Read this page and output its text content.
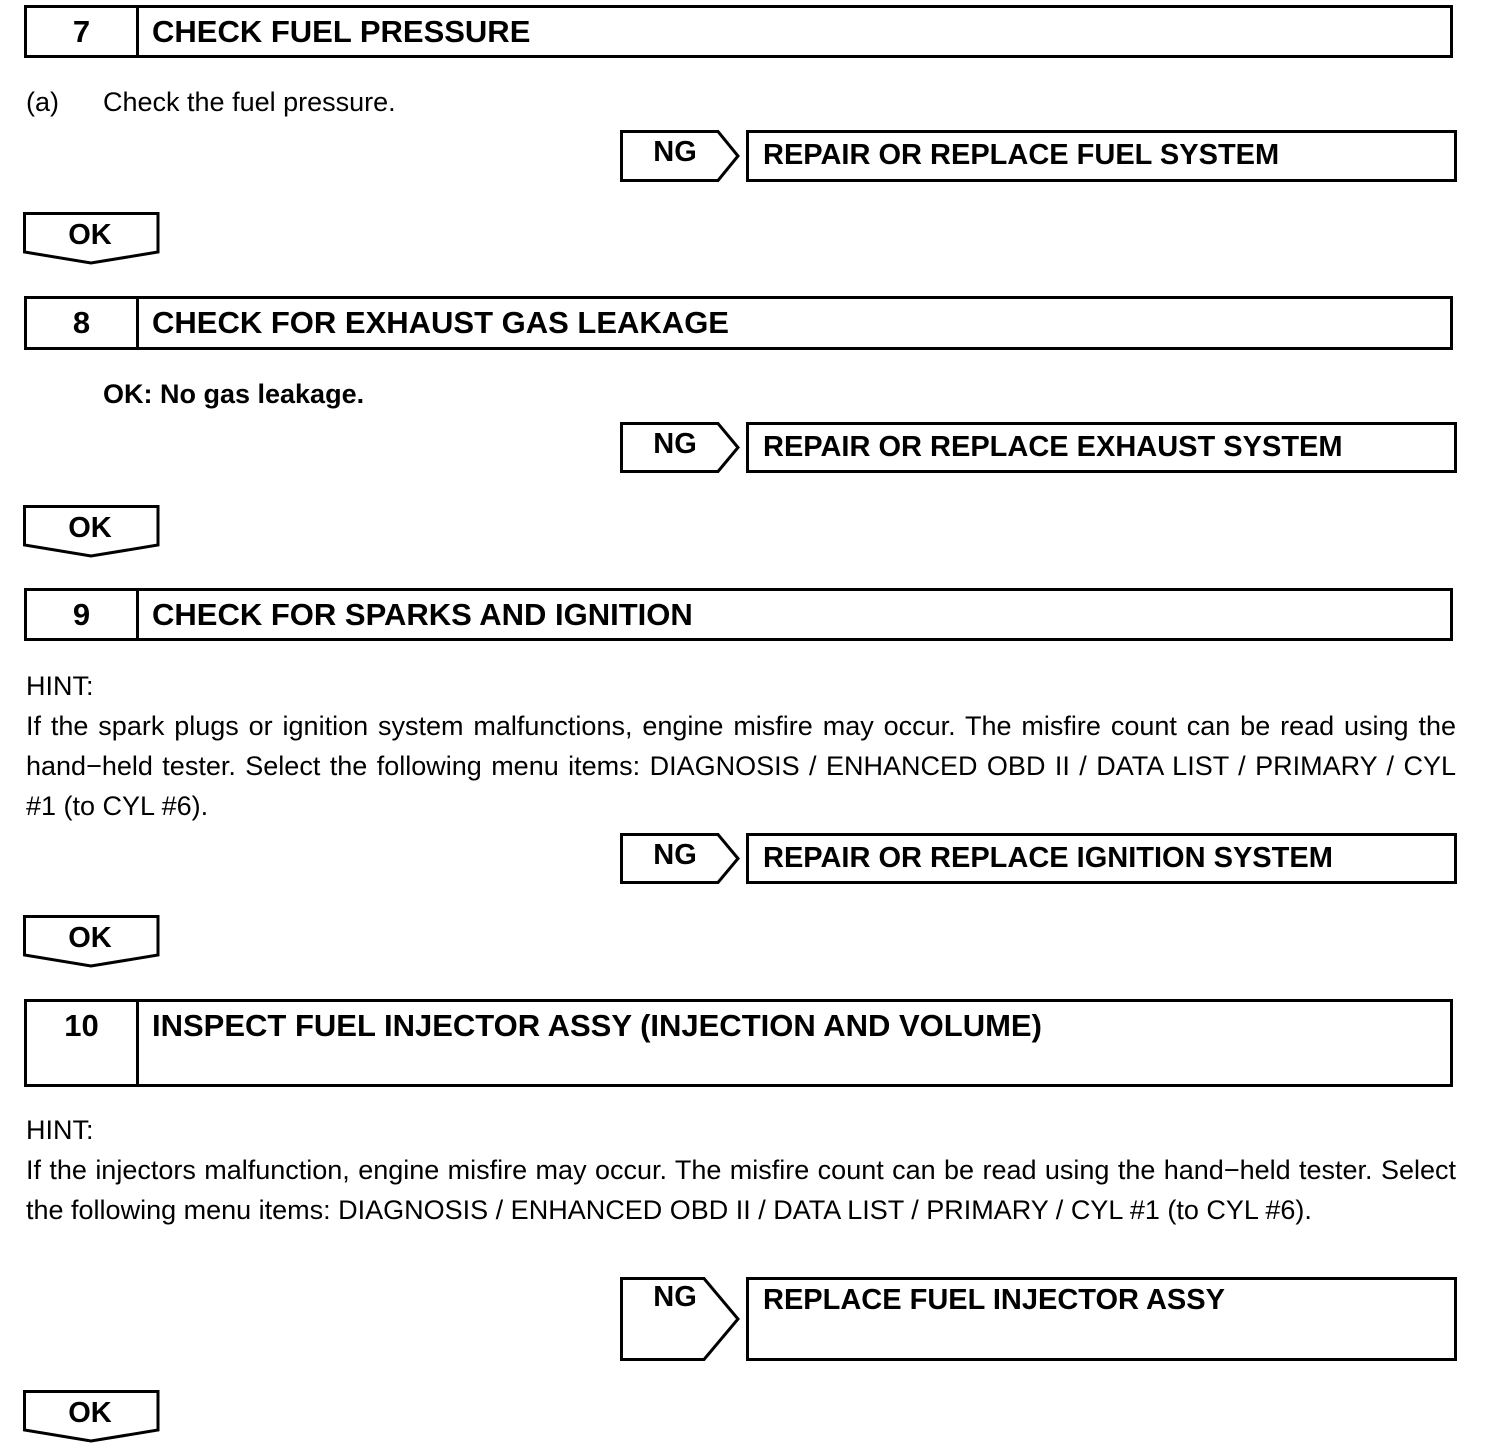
7	CHECK FUEL PRESSURE
(a) Check the fuel pressure.
NG REPAIR OR REPLACE FUEL SYSTEM
OK
8	CHECK FOR EXHAUST GAS LEAKAGE
OK: No gas leakage.
NG REPAIR OR REPLACE EXHAUST SYSTEM
OK
9	CHECK FOR SPARKS AND IGNITION
HINT:
If the spark plugs or ignition system malfunctions, engine misfire may occur. The misfire count can be read using the hand−held tester. Select the following menu items: DIAGNOSIS / ENHANCED OBD II / DATA LIST / PRIMARY / CYL #1 (to CYL #6).
NG REPAIR OR REPLACE IGNITION SYSTEM
OK
10	INSPECT FUEL INJECTOR ASSY (INJECTION AND VOLUME)
HINT:
If the injectors malfunction, engine misfire may occur. The misfire count can be read using the hand−held tester. Select the following menu items: DIAGNOSIS / ENHANCED OBD II / DATA LIST / PRIMARY / CYL #1 (to CYL #6).
NG REPLACE FUEL INJECTOR ASSY
OK
